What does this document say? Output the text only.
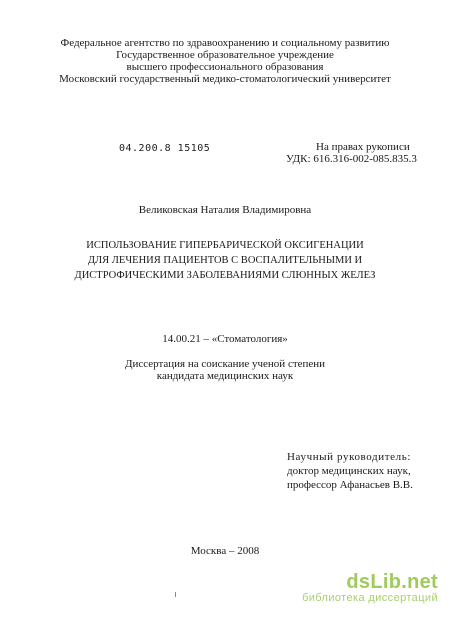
Федеральное агентство по здравоохранению и социальному развитию
Государственное образовательное учреждение
высшего профессионального образования
Московский государственный медико-стоматологический университет
04.200.8 15105	На правах рукописи
УДК: 616.316-002-085.835.3
Великовская Наталия Владимировна
ИСПОЛЬЗОВАНИЕ ГИПЕРБАРИЧЕСКОЙ ОКСИГЕНАЦИИ
ДЛЯ ЛЕЧЕНИЯ ПАЦИЕНТОВ С ВОСПАЛИТЕЛЬНЫМИ И
ДИСТРОФИЧЕСКИМИ ЗАБОЛЕВАНИЯМИ СЛЮННЫХ ЖЕЛЕЗ
14.00.21 – «Стоматология»
Диссертация на соискание ученой степени
кандидата медицинских наук
Научный руководитель:
доктор медицинских наук,
профессор Афанасьев В.В.
Москва – 2008
dsLib.net
библиотека диссертаций
